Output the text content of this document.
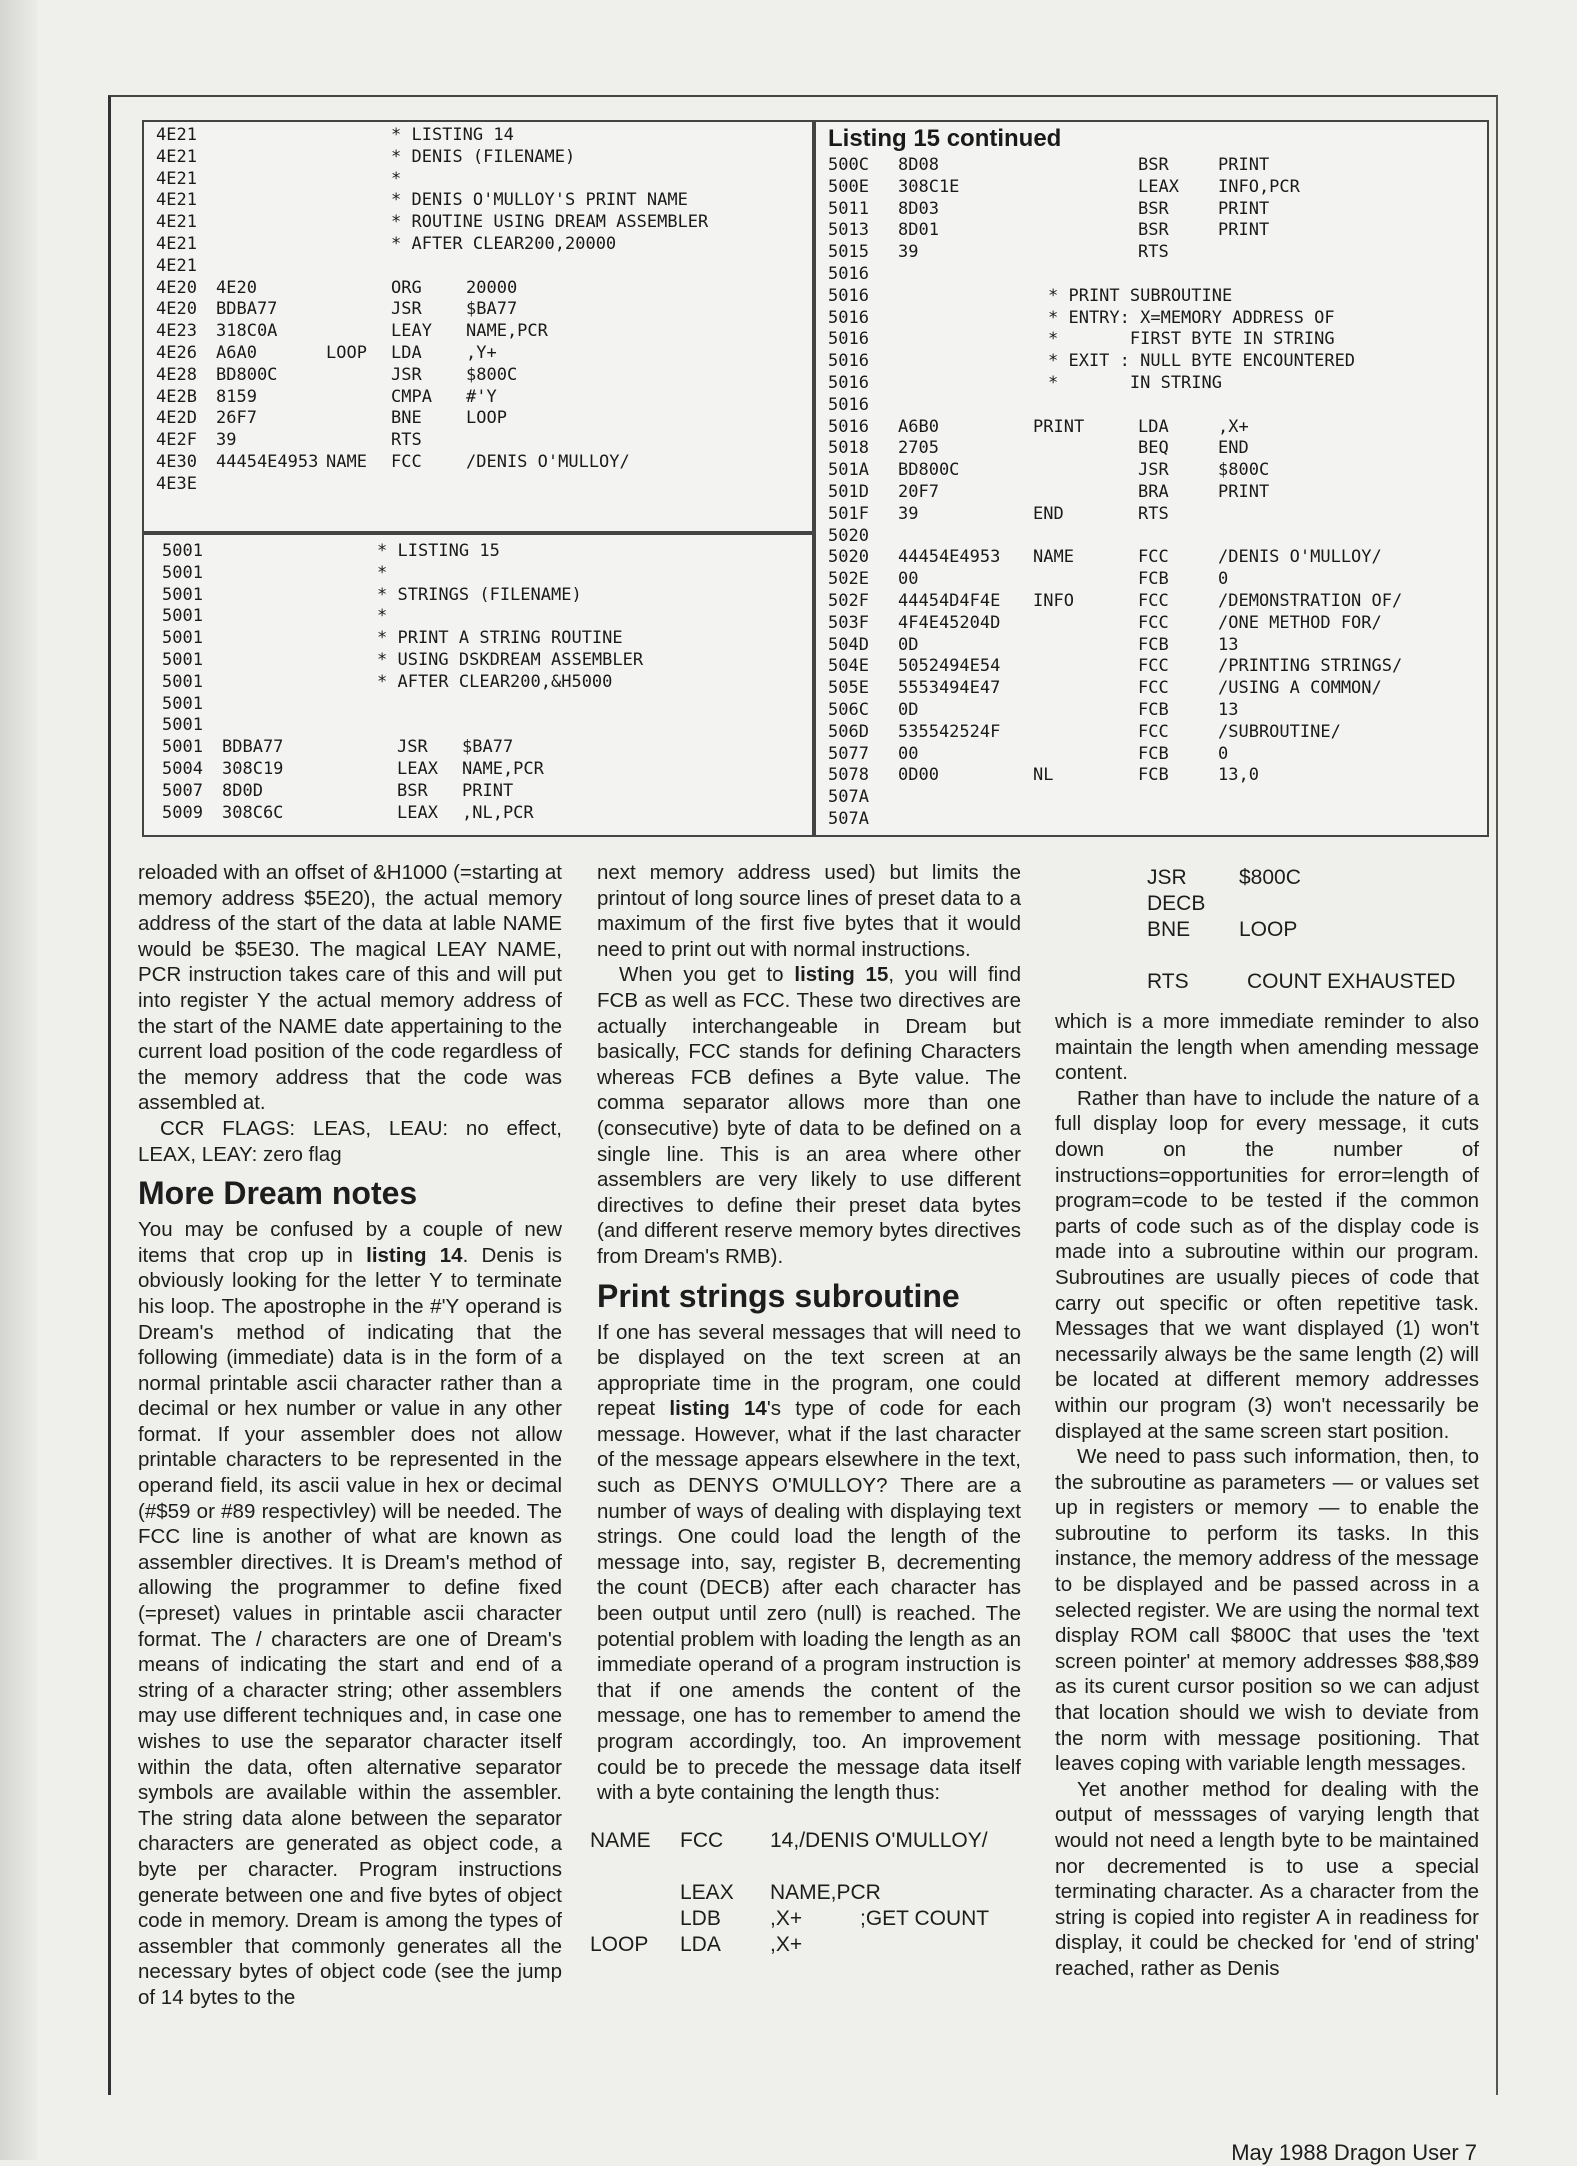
4E21	* LISTING 14
4E21	* DENIS (FILENAME)
4E21	*
4E21	* DENIS O'MULLOY'S PRINT NAME
4E21	* ROUTINE USING DREAM ASSEMBLER
4E21	* AFTER CLEAR200,20000
4E21
4E20 4E20	ORG	20000
4E20 BDBA77	JSR	$BA77
4E23 318C0A	LEAY NAME,PCR
4E26 A6A0	LOOP LDA	,Y+
4E28 BD800C	JSR	$800C
4E2B 8159	CMPA #'Y
4E2D 26F7	BNE	LOOP
4E2F 39	RTS
4E30 44454E4953 NAME FCC	/DENIS O'MULLOY/
4E3E
5001	* LISTING 15
5001	*
5001	* STRINGS (FILENAME)
5001	*
5001	* PRINT A STRING ROUTINE
5001	* USING DSKDREAM ASSEMBLER
5001	* AFTER CLEAR200,&H5000
5001
5001
5001 BDBA77	JSR $BA77
5004 308C19	LEAX NAME,PCR
5007 8D0D	BSR PRINT
5009 308C6C	LEAX ,NL,PCR
Listing 15 continued
500C 8D08	BSR	PRINT
500E 308C1E	LEAX INFO,PCR
5011 8D03	BSR	PRINT
5013 8D01	BSR	PRINT
5015 39	RTS
5016
5016	* PRINT SUBROUTINE
5016	* ENTRY: X=MEMORY ADDRESS OF
5016	*       FIRST BYTE IN STRING
5016	* EXIT : NULL BYTE ENCOUNTERED
5016	*       IN STRING
5016
5016 A6B0	PRINT	LDA	,X+
5018 2705	BEQ	END
501A BD800C	JSR	$800C
501D 20F7	BRA	PRINT
501F 39	END	RTS
5020
5020 44454E4953 NAME	FCC	/DENIS O'MULLOY/
502E 00	FCB	0
502F 44454D4F4E INFO	FCC	/DEMONSTRATION OF/
503F 4F4E45204D	FCC	/ONE METHOD FOR/
504D 0D	FCB	13
504E 5052494E54	FCC	/PRINTING STRINGS/
505E 5553494E47	FCC	/USING A COMMON/
506C 0D	FCB	13
506D 535542524F	FCC	/SUBROUTINE/
5077 00	FCB	0
5078 0D00	NL	FCB	13,0
507A
507A

reloaded with an offset of &H1000 (=starting at memory address $5E20), the actual memory address of the start of the data at lable NAME would be $5E30. The magical LEAY NAME, PCR instruction takes care of this and will put into register Y the actual memory address of the start of the NAME date appertaining to the current load position of the code regardless of the memory address that the code was assembled at.

CCR FLAGS: LEAS, LEAU: no effect, LEAX, LEAY: zero flag

More Dream notes

You may be confused by a couple of new items that crop up in listing 14. Denis is obviously looking for the letter Y to terminate his loop. The apostrophe in the #'Y operand is Dream's method of indicating that the following (immediate) data is in the form of a normal printable ascii character rather than a decimal or hex number or value in any other format. If your assembler does not allow printable characters to be represented in the operand field, its ascii value in hex or decimal (#$59 or #89 respectivley) will be needed. The FCC line is another of what are known as assembler directives. It is Dream's method of allowing the programmer to define fixed (=preset) values in printable ascii character format. The / characters are one of Dream's means of indicating the start and end of a string of a character string; other assemblers may use different techniques and, in case one wishes to use the separator character itself within the data, often alternative separator symbols are available within the assembler. The string data alone between the separator characters are generated as object code, a byte per character. Program instructions generate between one and five bytes of object code in memory. Dream is among the types of assembler that commonly generates all the necessary bytes of object code (see the jump of 14 bytes to the

next memory address used) but limits the printout of long source lines of preset data to a maximum of the first five bytes that it would need to print out with normal instructions.

When you get to listing 15, you will find FCB as well as FCC. These two directives are actually interchangeable in Dream but basically, FCC stands for defining Characters whereas FCB defines a Byte value. The comma separator allows more than one (consecutive) byte of data to be defined on a single line. This is an area where other assemblers are very likely to use different directives to define their preset data bytes (and different reserve memory bytes directives from Dream's RMB).

Print strings subroutine

If one has several messages that will need to be displayed on the text screen at an appropriate time in the program, one could repeat listing 14's type of code for each message. However, what if the last character of the message appears elsewhere in the text, such as DENYS O'MULLOY? There are a number of ways of dealing with displaying text strings. One could load the length of the message into, say, register B, decrementing the count (DECB) after each character has been output until zero (null) is reached. The potential problem with loading the length as an immediate operand of a program instruction is that if one amends the content of the message, one has to remember to amend the program accordingly, too. An improvement could be to precede the message data itself with a byte containing the length thus:

NAME FCC 14,/DENIS O'MULLOY/
LEAX NAME,PCR
LDB ,X+	;GET COUNT
LOOP LDA ,X+
JSR $800C
DECB
BNE LOOP
RTS	COUNT EXHAUSTED

which is a more immediate reminder to also maintain the length when amending message content.

Rather than have to include the nature of a full display loop for every message, it cuts down on the number of instructions=opportunities for error=length of program=code to be tested if the common parts of code such as of the display code is made into a subroutine within our program. Subroutines are usually pieces of code that carry out specific or often repetitive task. Messages that we want displayed (1) won't necessarily always be the same length (2) will be located at different memory addresses within our program (3) won't necessarily be displayed at the same screen start position.

We need to pass such information, then, to the subroutine as parameters — or values set up in registers or memory — to enable the subroutine to perform its tasks. In this instance, the memory address of the message to be displayed and be passed across in a selected register. We are using the normal text display ROM call $800C that uses the 'text screen pointer' at memory addresses $88,$89 as its curent cursor position so we can adjust that location should we wish to deviate from the norm with message positioning. That leaves coping with variable length messages.

Yet another method for dealing with the output of messsages of varying length that would not need a length byte to be maintained nor decremented is to use a special terminating character. As a character from the string is copied into register A in readiness for display, it could be checked for 'end of string' reached, rather as Denis

May 1988 Dragon User 7
